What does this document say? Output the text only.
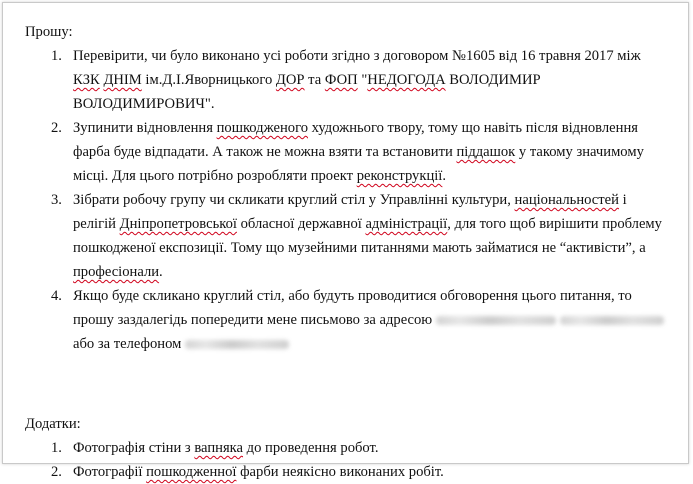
Прошу:

1. Перевірити, чи було виконано усі роботи згідно з договором №1605 від 16 травня 2017 між КЗК ДНІМ ім.Д.І.Яворницького ДОР та ФОП "НЕДОГОДА ВОЛОДИМИР ВОЛОДИМИРОВИЧ".
2. Зупинити відновлення пошкодженого художнього твору, тому що навіть після відновлення фарба буде відпадати. А також не можна взяти та встановити піддашок у такому значимому місці. Для цього потрібно розробляти проект реконструкції.
3. Зібрати робочу групу чи скликати круглий стіл у Управлінні культури, національностей і релігій Дніпропетровської обласної державної адміністрації, для того щоб вирішити проблему пошкодженої експозиції. Тому що музейними питаннями мають займатися не “активісти”, а професіонали.
4. Якщо буде скликано круглий стіл, або будуть проводитися обговорення цього питання, то прошу заздалегідь попередити мене письмово за адресою   або за телефоном

Додатки:

1. Фотографія стіни з вапняка до проведення робот.
2. Фотографії пошкодженної фарби неякісно виконаних робіт.
